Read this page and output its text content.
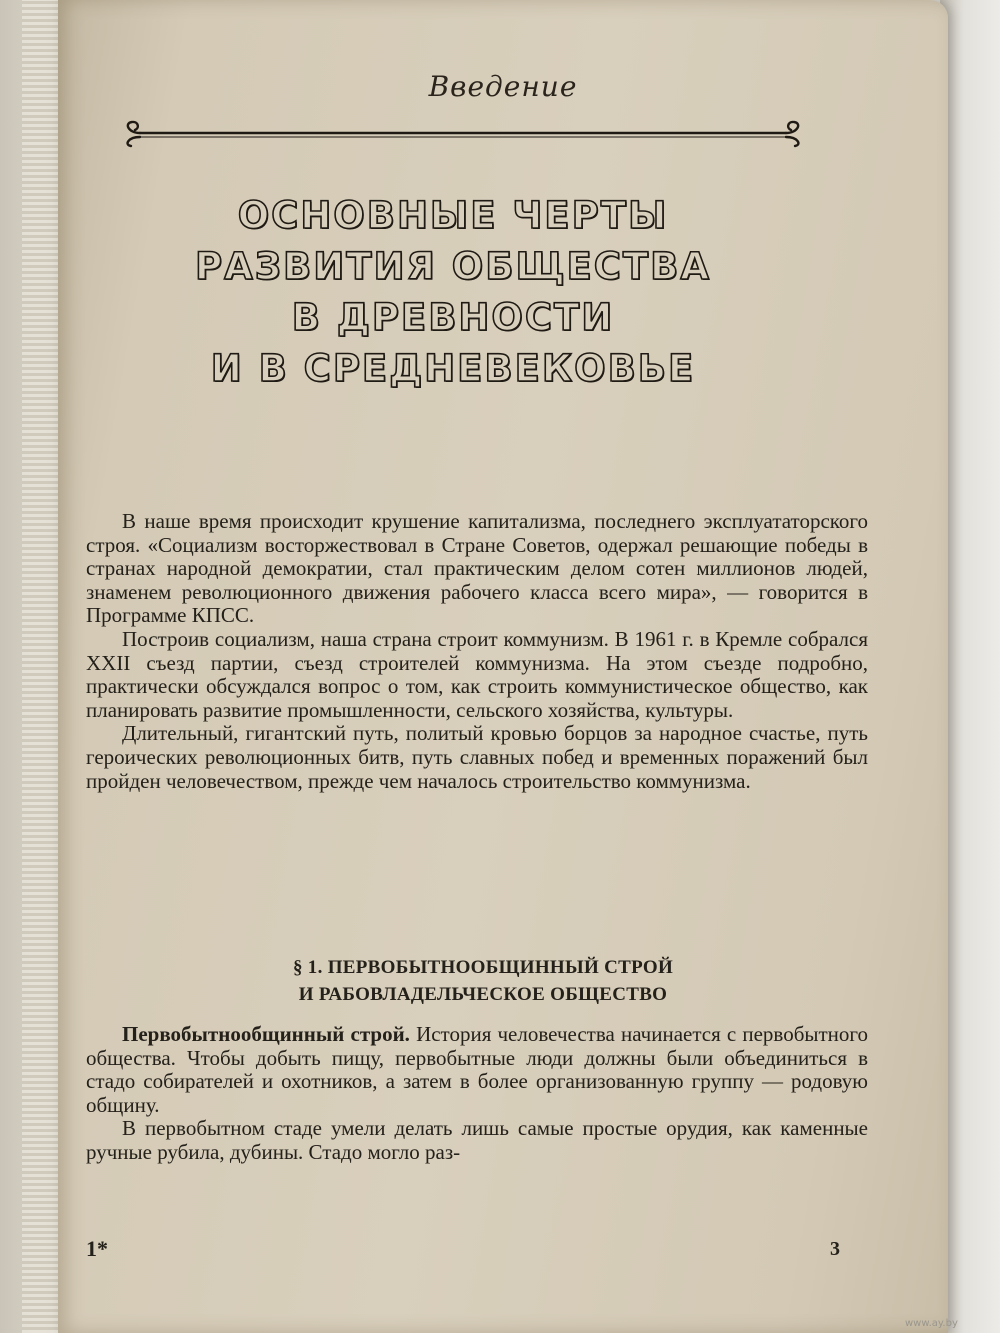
Введение
ОСНОВНЫЕ ЧЕРТЫ
РАЗВИТИЯ ОБЩЕСТВА
В ДРЕВНОСТИ
И В СРЕДНЕВЕКОВЬЕ

В наше время происходит крушение капитализма, последнего эксплуататорского строя. «Социализм восторжествовал в Стране Советов, одержал решающие победы в странах народной демократии, стал практическим делом сотен миллионов людей, знаменем революционного движения рабочего класса всего мира», — говорится в Программе КПСС.

Построив социализм, наша страна строит коммунизм. В 1961 г. в Кремле собрался XXII съезд партии, съезд строителей коммунизма. На этом съезде подробно, практически обсуждался вопрос о том, как строить коммунистическое общество, как планировать развитие промышленности, сельского хозяйства, культуры.

Длительный, гигантский путь, политый кровью борцов за народное счастье, путь героических революционных битв, путь славных побед и временных поражений был пройден человечеством, прежде чем началось строительство коммунизма.

§ 1. ПЕРВОБЫТНООБЩИННЫЙ СТРОЙ
И РАБОВЛАДЕЛЬЧЕСКОЕ ОБЩЕСТВО

Первобытнообщинный строй. История человечества начинается с первобытного общества. Чтобы добыть пищу, первобытные люди должны были объединиться в стадо собирателей и охотников, а затем в более организованную группу — родовую общину.

В первобытном стаде умели делать лишь самые простые орудия, как каменные ручные рубила, дубины. Стадо могло раз-

1*	3
www.ay.by
